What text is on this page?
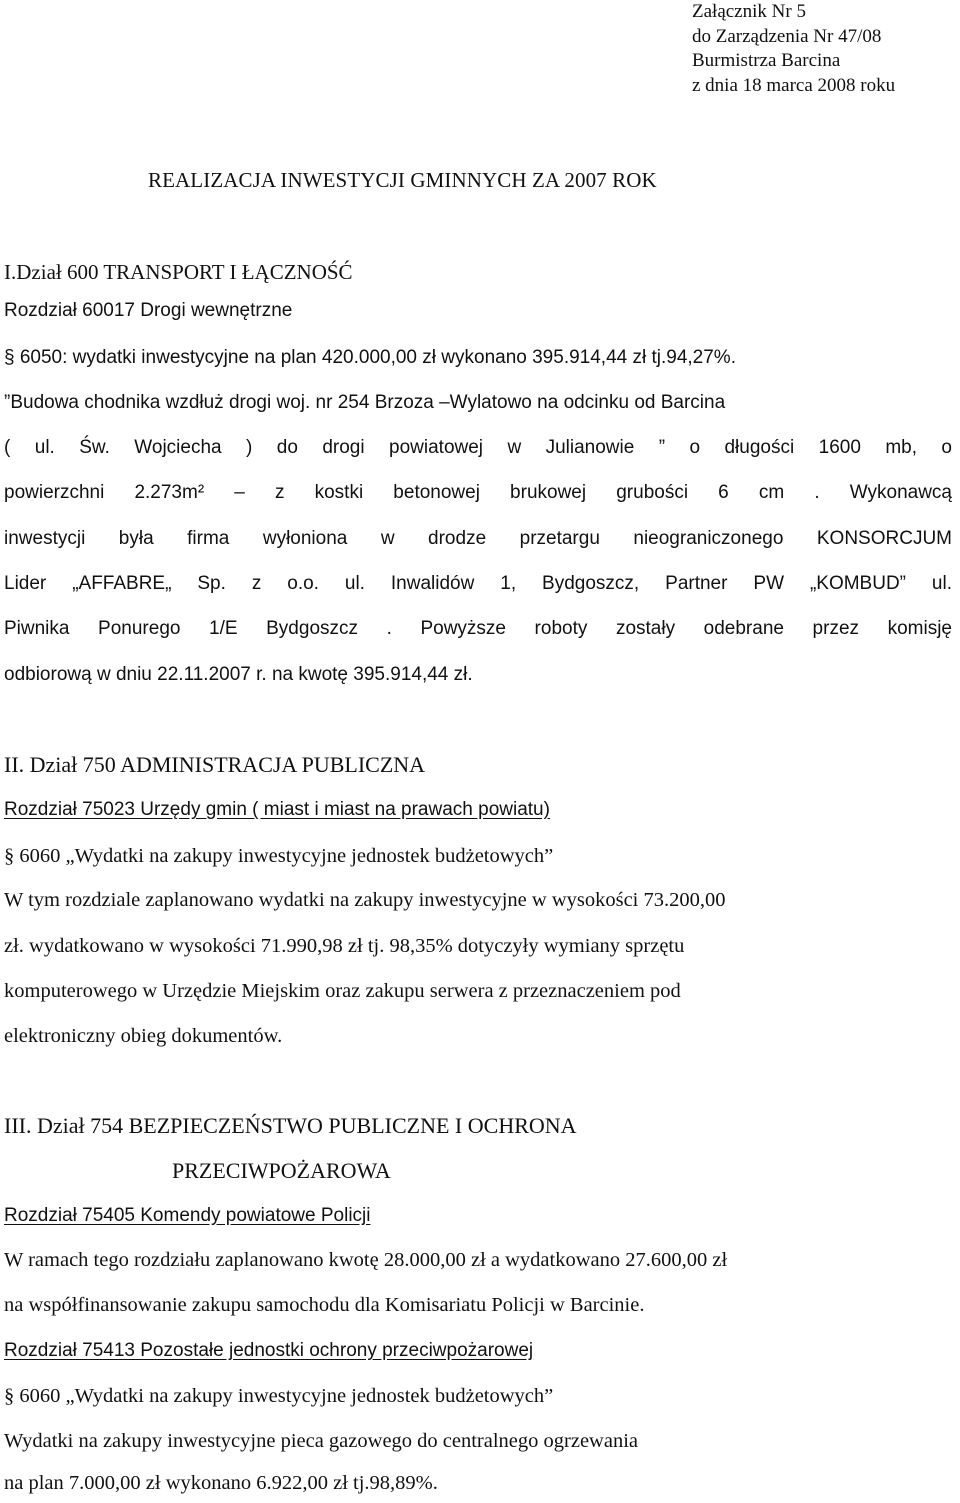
Załącznik Nr 5
do Zarządzenia Nr 47/08
Burmistrza Barcina
z dnia 18 marca 2008 roku
REALIZACJA INWESTYCJI GMINNYCH ZA 2007 ROK
I.Dział 600 TRANSPORT I ŁĄCZNOŚĆ
Rozdział 60017 Drogi wewnętrzne
§ 6050: wydatki inwestycyjne na plan 420.000,00 zł wykonano 395.914,44 zł tj.94,27%.
”Budowa chodnika wzdłuż drogi woj. nr 254 Brzoza –Wylatowo na odcinku od Barcina
( ul. Św. Wojciecha ) do drogi powiatowej w Julianowie ” o długości 1600 mb, o
powierzchni 2.273m² – z kostki betonowej brukowej grubości 6 cm . Wykonawcą
inwestycji była firma wyłoniona w drodze przetargu nieograniczonego KONSORCJUM
Lider „AFFABRE„ Sp. z o.o. ul. Inwalidów 1, Bydgoszcz, Partner PW „KOMBUD” ul.
Piwnika Ponurego 1/E Bydgoszcz . Powyższe roboty zostały odebrane przez komisję
odbiorową w dniu 22.11.2007 r. na kwotę 395.914,44 zł.
II. Dział 750 ADMINISTRACJA PUBLICZNA
Rozdział 75023 Urzędy gmin ( miast i miast na prawach powiatu)
§ 6060 „Wydatki na zakupy inwestycyjne jednostek budżetowych”
W tym rozdziale zaplanowano wydatki na zakupy inwestycyjne w wysokości 73.200,00
zł. wydatkowano w wysokości 71.990,98 zł tj. 98,35% dotyczyły wymiany sprzętu
komputerowego w Urzędzie Miejskim oraz zakupu serwera z przeznaczeniem pod
elektroniczny obieg dokumentów.
III. Dział 754 BEZPIECZEŃSTWO PUBLICZNE I OCHRONA
PRZECIWPOŻAROWA
Rozdział 75405 Komendy powiatowe Policji
W ramach tego rozdziału zaplanowano kwotę 28.000,00 zł a wydatkowano 27.600,00 zł
na współfinansowanie zakupu samochodu dla Komisariatu Policji w Barcinie.
Rozdział 75413 Pozostałe jednostki ochrony przeciwpożarowej
§ 6060 „Wydatki na zakupy inwestycyjne jednostek budżetowych”
Wydatki na zakupy inwestycyjne pieca gazowego do centralnego ogrzewania
na plan 7.000,00 zł wykonano 6.922,00 zł tj.98,89%.
